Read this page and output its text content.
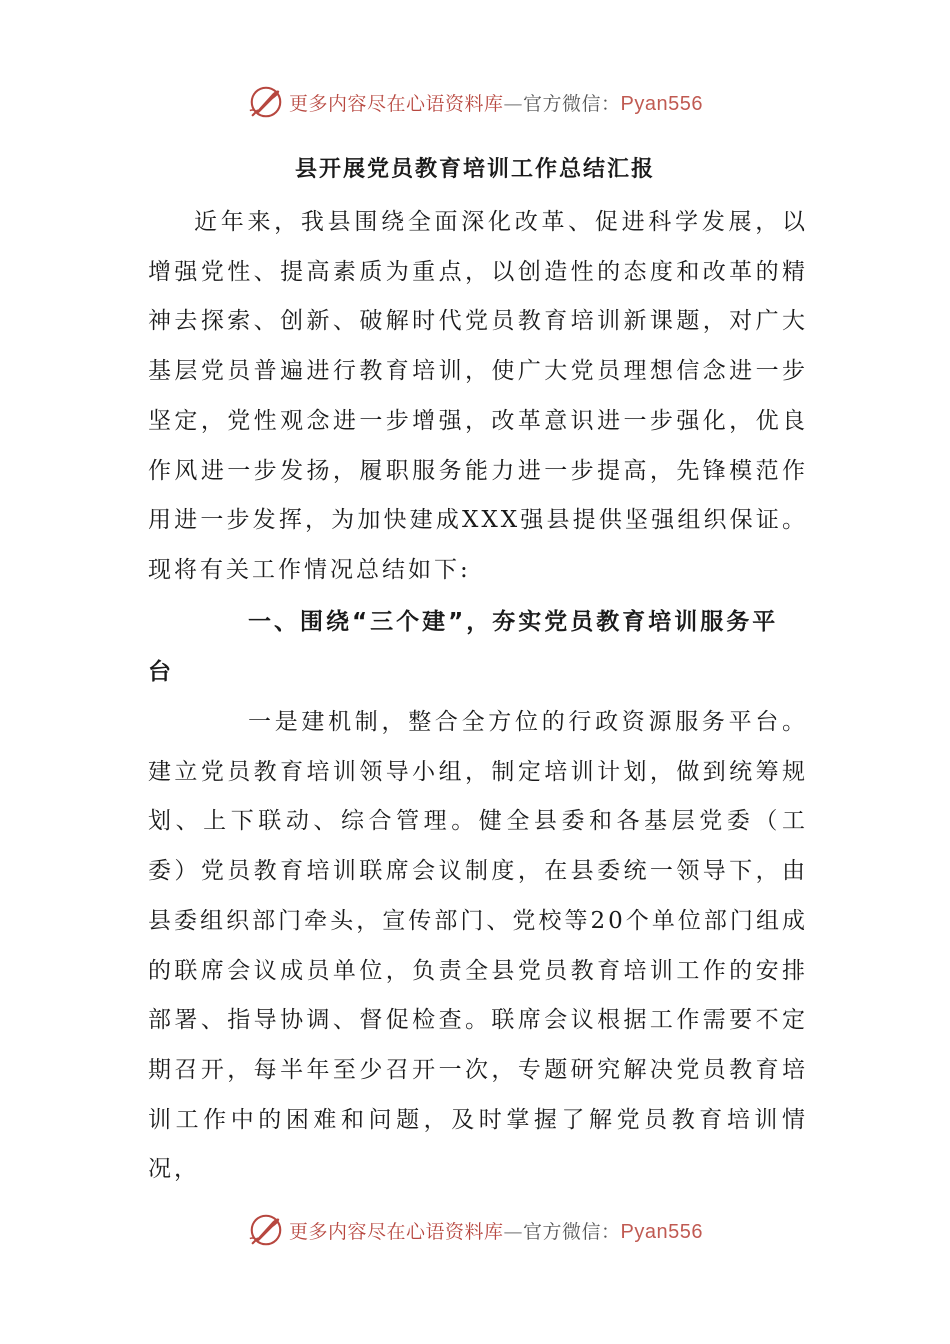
更多内容尽在心语资料库—官方微信：Pyan556
县开展党员教育培训工作总结汇报

近年来，我县围绕全面深化改革、促进科学发展，以增强党性、提高素质为重点，以创造性的态度和改革的精神去探索、创新、破解时代党员教育培训新课题，对广大基层党员普遍进行教育培训，使广大党员理想信念进一步坚定，党性观念进一步增强，改革意识进一步强化，优良作风进一步发扬，履职服务能力进一步提高，先锋模范作用进一步发挥，为加快建成XXX强县提供坚强组织保证。现将有关工作情况总结如下:

一、围绕“三个建”，夯实党员教育培训服务平台

一是建机制，整合全方位的行政资源服务平台。建立党员教育培训领导小组，制定培训计划，做到统筹规划、上下联动、综合管理。健全县委和各基层党委（工委）党员教育培训联席会议制度，在县委统一领导下，由县委组织部门牵头，宣传部门、党校等20个单位部门组成的联席会议成员单位，负责全县党员教育培训工作的安排部署、指导协调、督促检查。联席会议根据工作需要不定期召开，每半年至少召开一次，专题研究解决党员教育培训工作中的困难和问题，及时掌握了解党员教育培训情况，

更多内容尽在心语资料库—官方微信：Pyan556
